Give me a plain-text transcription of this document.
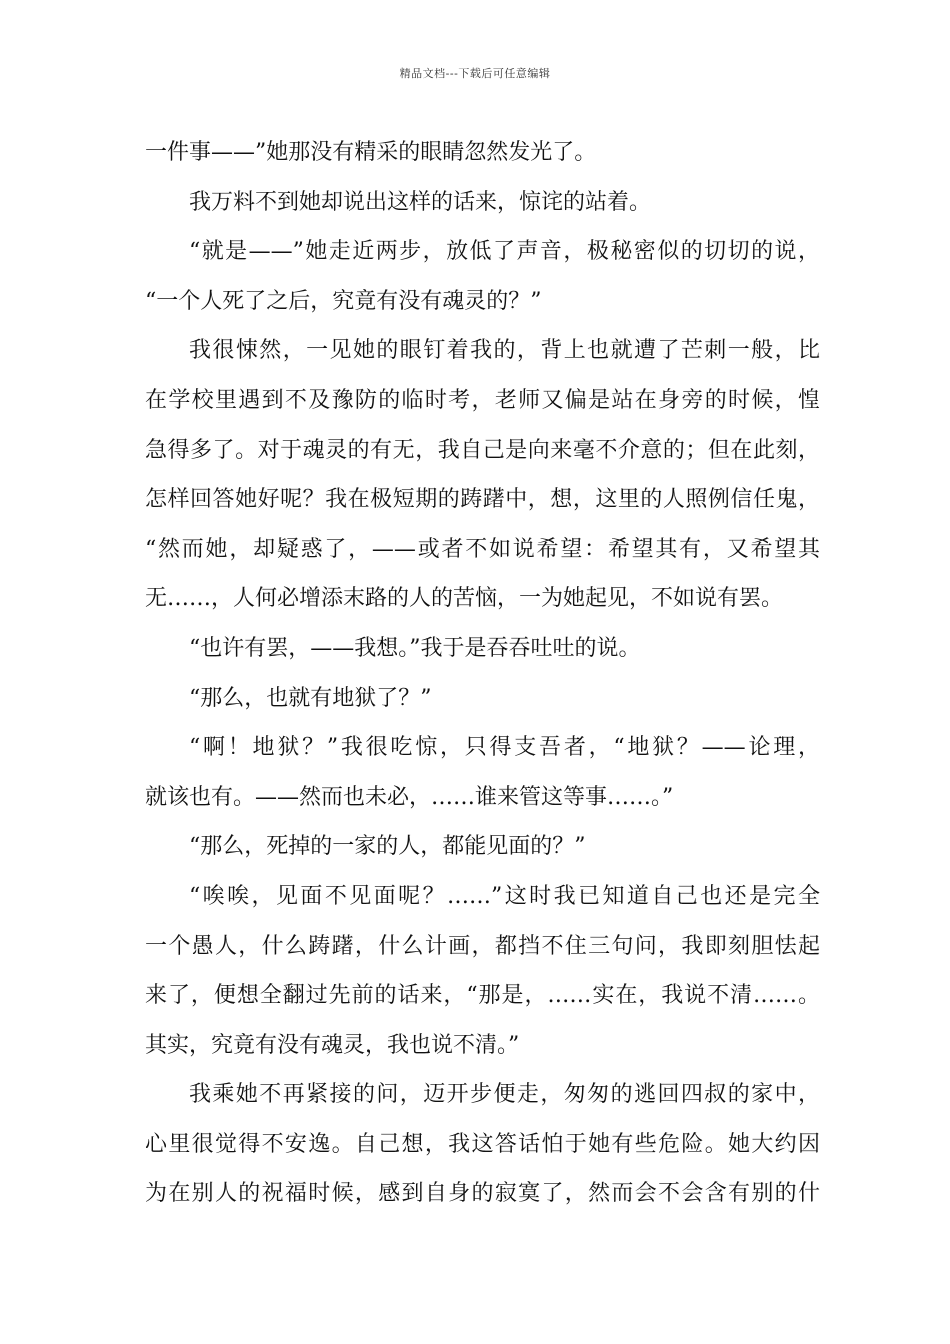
精品文档---下载后可任意编辑
一件事——”她那没有精采的眼睛忽然发光了。
我万料不到她却说出这样的话来，惊诧的站着。
“就是——”她走近两步，放低了声音，极秘密似的切切的说，
“一个人死了之后，究竟有没有魂灵的？”
我很悚然，一见她的眼钉着我的，背上也就遭了芒刺一般，比
在学校里遇到不及豫防的临时考，老师又偏是站在身旁的时候，惶
急得多了。对于魂灵的有无，我自己是向来毫不介意的；但在此刻，
怎样回答她好呢？我在极短期的踌躇中，想，这里的人照例信任鬼，
“然而她，却疑惑了，——或者不如说希望：希望其有，又希望其
无……，人何必增添末路的人的苦恼，一为她起见，不如说有罢。
“也许有罢，——我想。”我于是吞吞吐吐的说。
“那么，也就有地狱了？”
“啊！地狱？”我很吃惊，只得支吾者，“地狱？——论理，
就该也有。——然而也未必，……谁来管这等事……。”
“那么，死掉的一家的人，都能见面的？”
“唉唉，见面不见面呢？……”这时我已知道自己也还是完全
一个愚人，什么踌躇，什么计画，都挡不住三句问，我即刻胆怯起
来了，便想全翻过先前的话来，“那是，……实在，我说不清……。
其实，究竟有没有魂灵，我也说不清。”
我乘她不再紧接的问，迈开步便走，匆匆的逃回四叔的家中，
心里很觉得不安逸。自己想，我这答话怕于她有些危险。她大约因
为在别人的祝福时候，感到自身的寂寞了，然而会不会含有别的什
